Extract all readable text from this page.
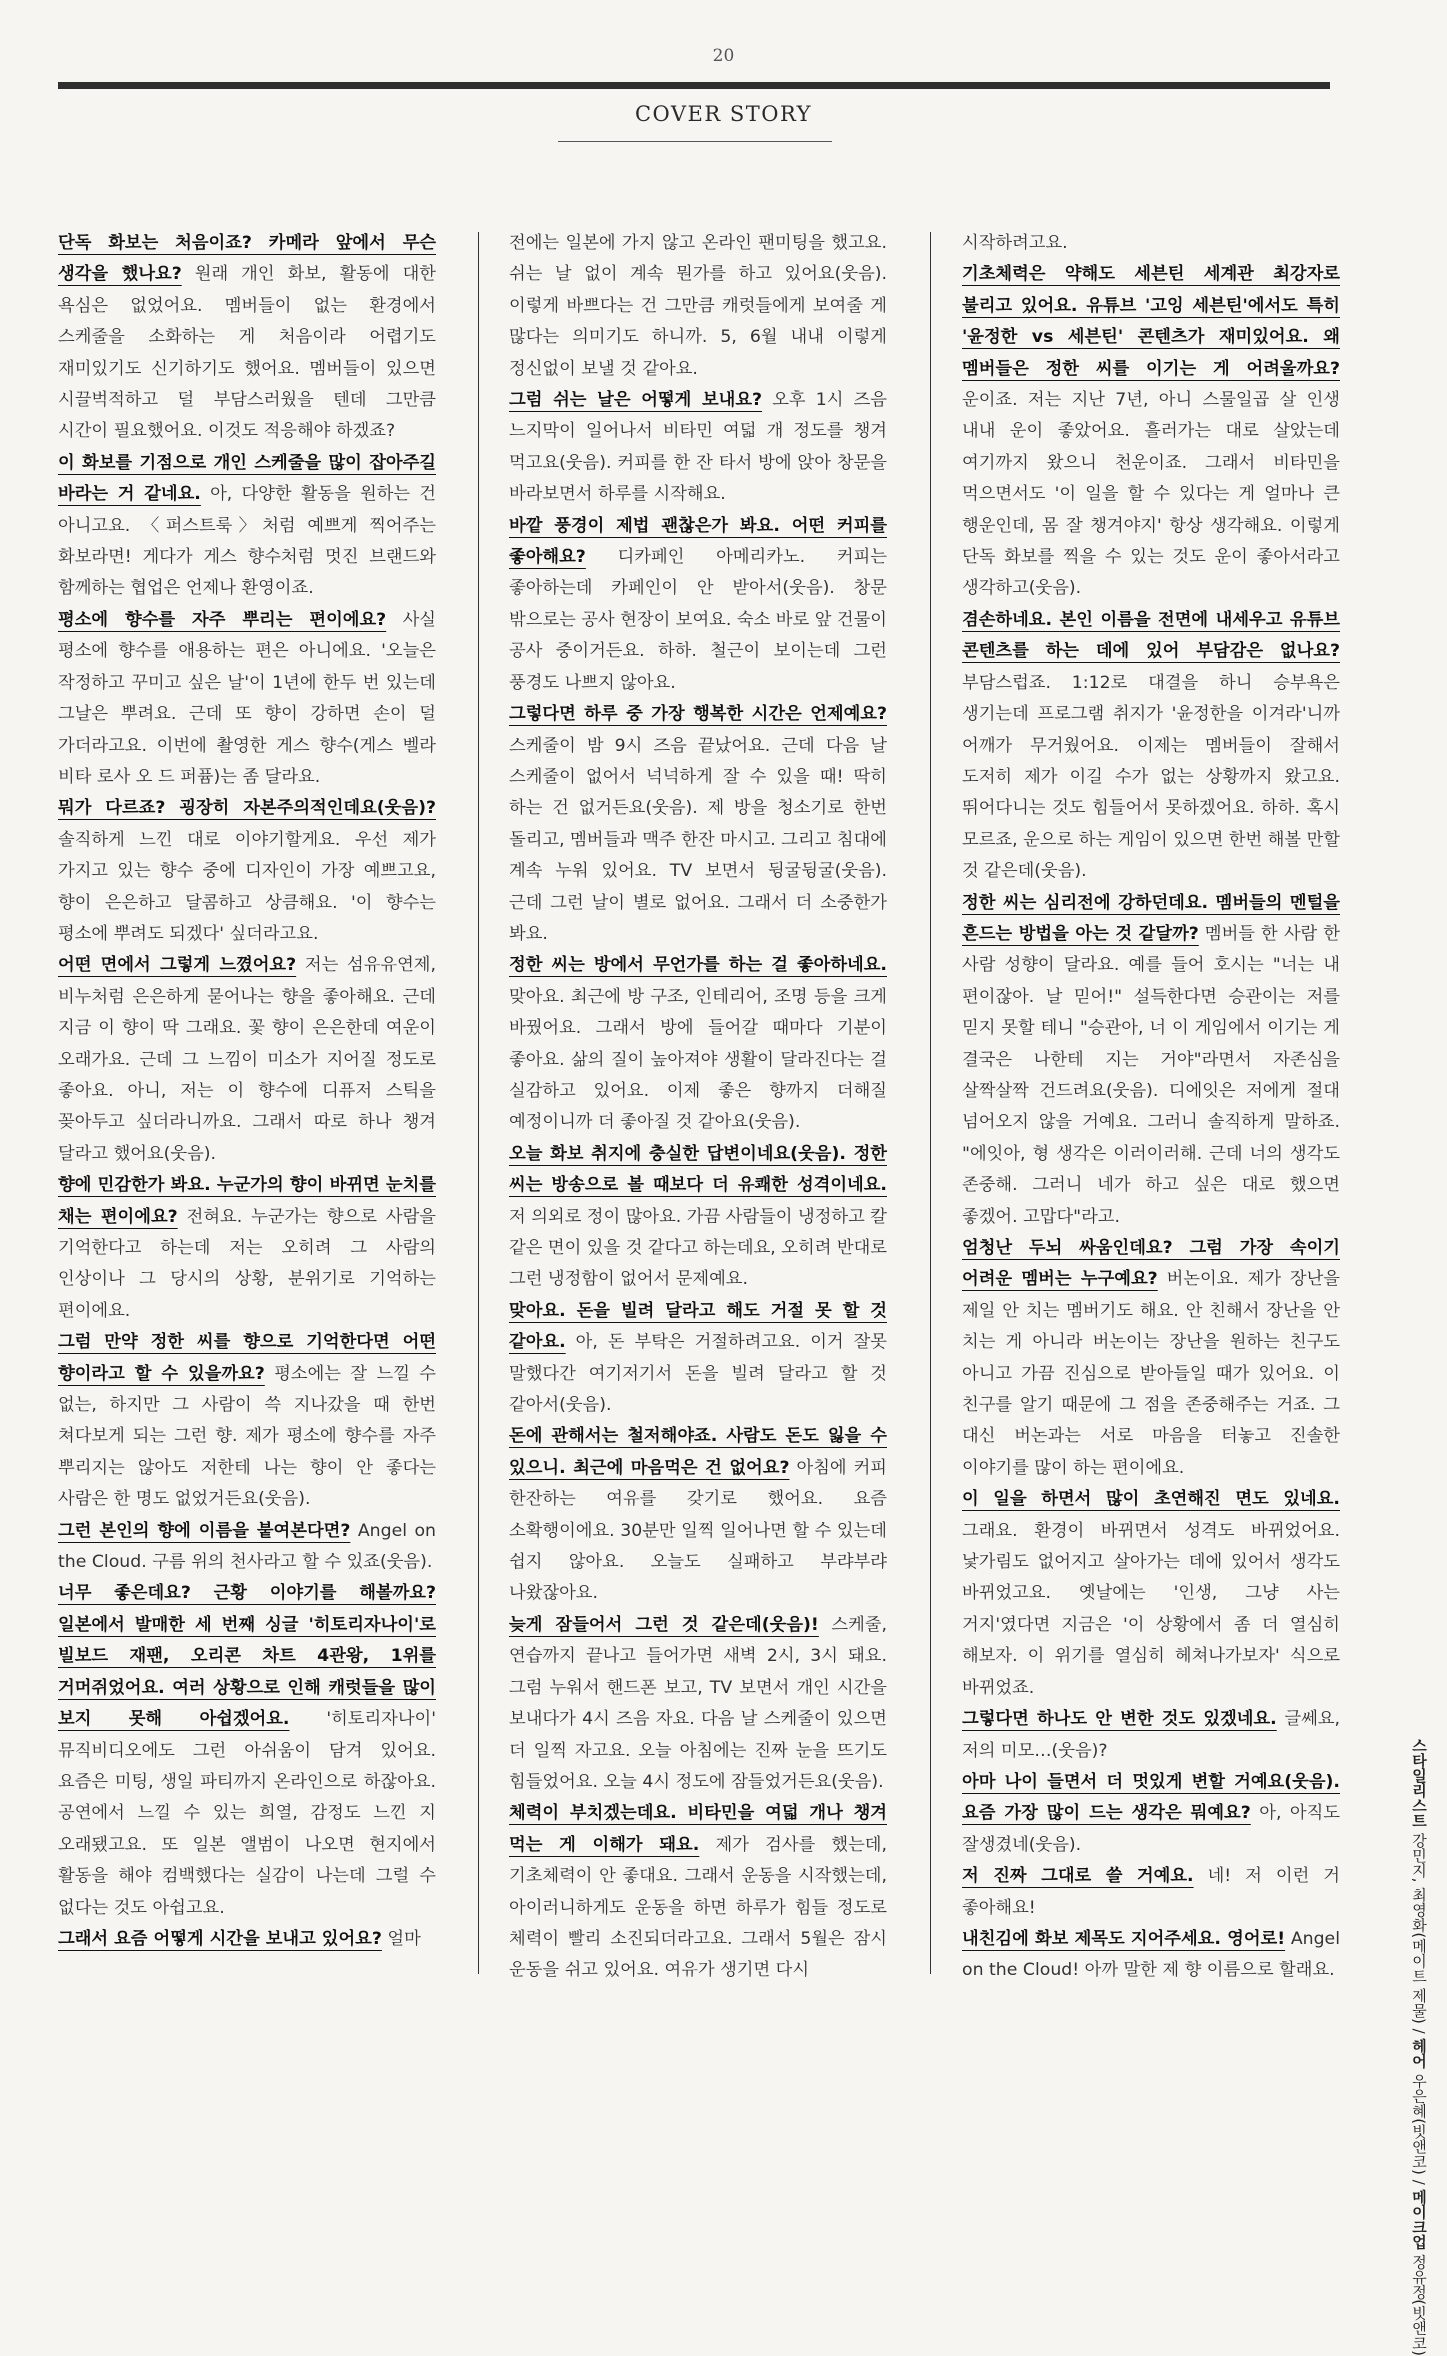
20
COVER STORY

단독 화보는 처음이죠? 카메라 앞에서 무슨 생각을 했나요? 원래 개인 화보, 활동에 대한 욕심은 없었어요. 멤버들이 없는 환경에서 스케줄을 소화하는 게 처음이라 어렵기도 재미있기도 신기하기도 했어요. 멤버들이 있으면 시끌벅적하고 덜 부담스러웠을 텐데 그만큼 시간이 필요했어요. 이것도 적응해야 하겠죠?

이 화보를 기점으로 개인 스케줄을 많이 잡아주길 바라는 거 같네요. 아, 다양한 활동을 원하는 건 아니고요. 〈퍼스트룩〉처럼 예쁘게 찍어주는 화보라면! 게다가 게스 향수처럼 멋진 브랜드와 함께하는 협업은 언제나 환영이죠.

평소에 향수를 자주 뿌리는 편이에요? 사실 평소에 향수를 애용하는 편은 아니에요. '오늘은 작정하고 꾸미고 싶은 날'이 1년에 한두 번 있는데 그날은 뿌려요. 근데 또 향이 강하면 손이 덜 가더라고요. 이번에 촬영한 게스 향수(게스 벨라 비타 로사 오 드 퍼퓸)는 좀 달라요.

뭐가 다르죠? 굉장히 자본주의적인데요(웃음)? 솔직하게 느낀 대로 이야기할게요. 우선 제가 가지고 있는 향수 중에 디자인이 가장 예쁘고요, 향이 은은하고 달콤하고 상큼해요. '이 향수는 평소에 뿌려도 되겠다' 싶더라고요.

어떤 면에서 그렇게 느꼈어요? 저는 섬유유연제, 비누처럼 은은하게 묻어나는 향을 좋아해요. 근데 지금 이 향이 딱 그래요. 꽃 향이 은은한데 여운이 오래가요. 근데 그 느낌이 미소가 지어질 정도로 좋아요. 아니, 저는 이 향수에 디퓨저 스틱을 꽂아두고 싶더라니까요. 그래서 따로 하나 챙겨 달라고 했어요(웃음).

향에 민감한가 봐요. 누군가의 향이 바뀌면 눈치를 채는 편이에요? 전혀요. 누군가는 향으로 사람을 기억한다고 하는데 저는 오히려 그 사람의 인상이나 그 당시의 상황, 분위기로 기억하는 편이에요.

그럼 만약 정한 씨를 향으로 기억한다면 어떤 향이라고 할 수 있을까요? 평소에는 잘 느낄 수 없는, 하지만 그 사람이 쓱 지나갔을 때 한번 쳐다보게 되는 그런 향. 제가 평소에 향수를 자주 뿌리지는 않아도 저한테 나는 향이 안 좋다는 사람은 한 명도 없었거든요(웃음).

그런 본인의 향에 이름을 붙여본다면? Angel on the Cloud. 구름 위의 천사라고 할 수 있죠(웃음).

너무 좋은데요? 근황 이야기를 해볼까요? 일본에서 발매한 세 번째 싱글 '히토리자나이'로 빌보드 재팬, 오리콘 차트 4관왕, 1위를 거머쥐었어요. 여러 상황으로 인해 캐럿들을 많이 보지 못해 아쉽겠어요. '히토리자나이' 뮤직비디오에도 그런 아쉬움이 담겨 있어요. 요즘은 미팅, 생일 파티까지 온라인으로 하잖아요. 공연에서 느낄 수 있는 희열, 감정도 느낀 지 오래됐고요. 또 일본 앨범이 나오면 현지에서 활동을 해야 컴백했다는 실감이 나는데 그럴 수 없다는 것도 아쉽고요.

그래서 요즘 어떻게 시간을 보내고 있어요? 얼마

전에는 일본에 가지 않고 온라인 팬미팅을 했고요. 쉬는 날 없이 계속 뭔가를 하고 있어요(웃음). 이렇게 바쁘다는 건 그만큼 캐럿들에게 보여줄 게 많다는 의미기도 하니까. 5, 6월 내내 이렇게 정신없이 보낼 것 같아요.

그럼 쉬는 날은 어떻게 보내요? 오후 1시 즈음 느지막이 일어나서 비타민 여덟 개 정도를 챙겨 먹고요(웃음). 커피를 한 잔 타서 방에 앉아 창문을 바라보면서 하루를 시작해요.

바깥 풍경이 제법 괜찮은가 봐요. 어떤 커피를 좋아해요? 디카페인 아메리카노. 커피는 좋아하는데 카페인이 안 받아서(웃음). 창문 밖으로는 공사 현장이 보여요. 숙소 바로 앞 건물이 공사 중이거든요. 하하. 철근이 보이는데 그런 풍경도 나쁘지 않아요.

그렇다면 하루 중 가장 행복한 시간은 언제예요? 스케줄이 밤 9시 즈음 끝났어요. 근데 다음 날 스케줄이 없어서 넉넉하게 잘 수 있을 때! 딱히 하는 건 없거든요(웃음). 제 방을 청소기로 한번 돌리고, 멤버들과 맥주 한잔 마시고. 그리고 침대에 계속 누워 있어요. TV 보면서 뒹굴뒹굴(웃음). 근데 그런 날이 별로 없어요. 그래서 더 소중한가 봐요.

정한 씨는 방에서 무언가를 하는 걸 좋아하네요. 맞아요. 최근에 방 구조, 인테리어, 조명 등을 크게 바꿨어요. 그래서 방에 들어갈 때마다 기분이 좋아요. 삶의 질이 높아져야 생활이 달라진다는 걸 실감하고 있어요. 이제 좋은 향까지 더해질 예정이니까 더 좋아질 것 같아요(웃음).

오늘 화보 취지에 충실한 답변이네요(웃음). 정한 씨는 방송으로 볼 때보다 더 유쾌한 성격이네요. 저 의외로 정이 많아요. 가끔 사람들이 냉정하고 칼 같은 면이 있을 것 같다고 하는데요, 오히려 반대로 그런 냉정함이 없어서 문제예요.

맞아요. 돈을 빌려 달라고 해도 거절 못 할 것 같아요. 아, 돈 부탁은 거절하려고요. 이거 잘못 말했다간 여기저기서 돈을 빌려 달라고 할 것 같아서(웃음).

돈에 관해서는 철저해야죠. 사람도 돈도 잃을 수 있으니. 최근에 마음먹은 건 없어요? 아침에 커피 한잔하는 여유를 갖기로 했어요. 요즘 소확행이에요. 30분만 일찍 일어나면 할 수 있는데 쉽지 않아요. 오늘도 실패하고 부랴부랴 나왔잖아요.

늦게 잠들어서 그런 것 같은데(웃음)! 스케줄, 연습까지 끝나고 들어가면 새벽 2시, 3시 돼요. 그럼 누워서 핸드폰 보고, TV 보면서 개인 시간을 보내다가 4시 즈음 자요. 다음 날 스케줄이 있으면 더 일찍 자고요. 오늘 아침에는 진짜 눈을 뜨기도 힘들었어요. 오늘 4시 정도에 잠들었거든요(웃음).

체력이 부치겠는데요. 비타민을 여덟 개나 챙겨 먹는 게 이해가 돼요. 제가 검사를 했는데, 기초체력이 안 좋대요. 그래서 운동을 시작했는데, 아이러니하게도 운동을 하면 하루가 힘들 정도로 체력이 빨리 소진되더라고요. 그래서 5월은 잠시 운동을 쉬고 있어요. 여유가 생기면 다시

시작하려고요.

기초체력은 약해도 세븐틴 세계관 최강자로 불리고 있어요. 유튜브 '고잉 세븐틴'에서도 특히 '윤정한 vs 세븐틴' 콘텐츠가 재미있어요. 왜 멤버들은 정한 씨를 이기는 게 어려울까요? 운이죠. 저는 지난 7년, 아니 스물일곱 살 인생 내내 운이 좋았어요. 흘러가는 대로 살았는데 여기까지 왔으니 천운이죠. 그래서 비타민을 먹으면서도 '이 일을 할 수 있다는 게 얼마나 큰 행운인데, 몸 잘 챙겨야지' 항상 생각해요. 이렇게 단독 화보를 찍을 수 있는 것도 운이 좋아서라고 생각하고(웃음).

겸손하네요. 본인 이름을 전면에 내세우고 유튜브 콘텐츠를 하는 데에 있어 부담감은 없나요? 부담스럽죠. 1:12로 대결을 하니 승부욕은 생기는데 프로그램 취지가 '윤정한을 이겨라'니까 어깨가 무거웠어요. 이제는 멤버들이 잘해서 도저히 제가 이길 수가 없는 상황까지 왔고요. 뛰어다니는 것도 힘들어서 못하겠어요. 하하. 혹시 모르죠, 운으로 하는 게임이 있으면 한번 해볼 만할 것 같은데(웃음).

정한 씨는 심리전에 강하던데요. 멤버들의 멘털을 흔드는 방법을 아는 것 같달까? 멤버들 한 사람 한 사람 성향이 달라요. 예를 들어 호시는 "너는 내 편이잖아. 날 믿어!" 설득한다면 승관이는 저를 믿지 못할 테니 "승관아, 너 이 게임에서 이기는 게 결국은 나한테 지는 거야"라면서 자존심을 살짝살짝 건드려요(웃음). 디에잇은 저에게 절대 넘어오지 않을 거예요. 그러니 솔직하게 말하죠. "에잇아, 형 생각은 이러이러해. 근데 너의 생각도 존중해. 그러니 네가 하고 싶은 대로 했으면 좋겠어. 고맙다"라고.

엄청난 두뇌 싸움인데요? 그럼 가장 속이기 어려운 멤버는 누구예요? 버논이요. 제가 장난을 제일 안 치는 멤버기도 해요. 안 친해서 장난을 안 치는 게 아니라 버논이는 장난을 원하는 친구도 아니고 가끔 진심으로 받아들일 때가 있어요. 이 친구를 알기 때문에 그 점을 존중해주는 거죠. 그 대신 버논과는 서로 마음을 터놓고 진솔한 이야기를 많이 하는 편이에요.

이 일을 하면서 많이 초연해진 면도 있네요. 그래요. 환경이 바뀌면서 성격도 바뀌었어요. 낯가림도 없어지고 살아가는 데에 있어서 생각도 바뀌었고요. 옛날에는 '인생, 그냥 사는 거지'였다면 지금은 '이 상황에서 좀 더 열심히 해보자. 이 위기를 열심히 헤쳐나가보자' 식으로 바뀌었죠.

그렇다면 하나도 안 변한 것도 있겠네요. 글쎄요, 저의 미모…(웃음)?

아마 나이 들면서 더 멋있게 변할 거예요(웃음). 요즘 가장 많이 드는 생각은 뭐예요? 아, 아직도 잘생겼네(웃음).

저 진짜 그대로 쓸 거예요. 네! 저 이런 거 좋아해요!

내친김에 화보 제목도 지어주세요. 영어로! Angel on the Cloud! 아까 말한 제 향 이름으로 할래요.

스타일리스트 강민지, 최영화(메이트 제물) / 헤어 우은혜(빗앤코) / 메이크업 정유정(빗앤코)
